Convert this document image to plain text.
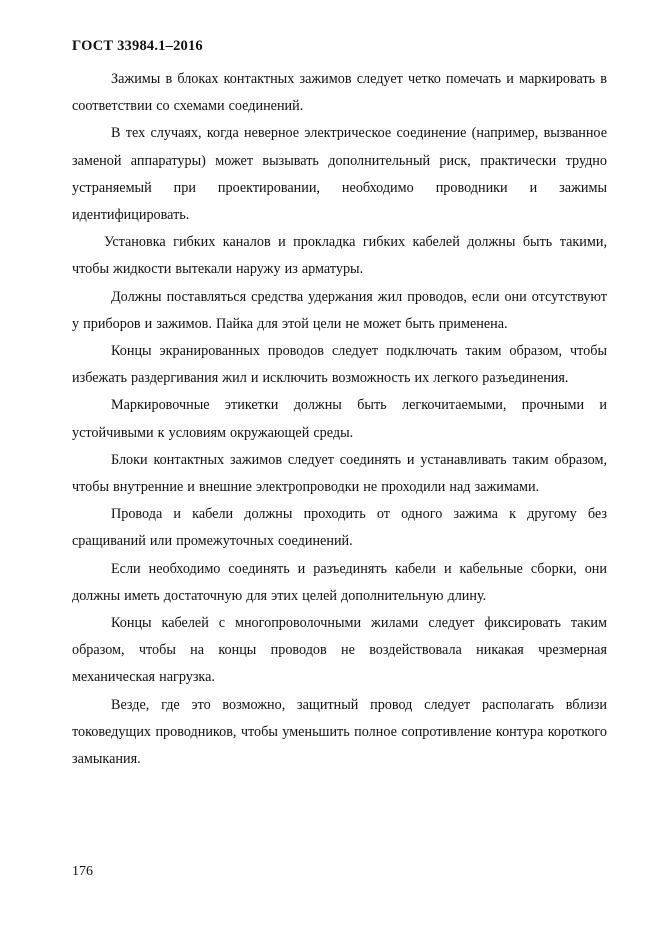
ГОСТ 33984.1–2016

Зажимы в блоках контактных зажимов следует четко помечать и маркировать в соответствии со схемами соединений.

В тех случаях, когда неверное электрическое соединение (например, вызванное заменой аппаратуры) может вызывать дополнительный риск, практически трудно устраняемый при проектировании, необходимо проводники и зажимы идентифицировать.

Установка гибких каналов и прокладка гибких кабелей должны быть такими, чтобы жидкости вытекали наружу из арматуры.

Должны поставляться средства удержания жил проводов, если они отсутствуют у приборов и зажимов. Пайка для этой цели не может быть применена.

Концы экранированных проводов следует подключать таким образом, чтобы избежать раздергивания жил и исключить возможность их легкого разъединения.

Маркировочные этикетки должны быть легкочитаемыми, прочными и устойчивыми к условиям окружающей среды.

Блоки контактных зажимов следует соединять и устанавливать таким образом, чтобы внутренние и внешние электропроводки не проходили над зажимами.

Провода и кабели должны проходить от одного зажима к другому без сращиваний или промежуточных соединений.

Если необходимо соединять и разъединять кабели и кабельные сборки, они должны иметь достаточную для этих целей дополнительную длину.

Концы кабелей с многопроволочными жилами следует фиксировать таким образом, чтобы на концы проводов не воздействовала никакая чрезмерная механическая нагрузка.

Везде, где это возможно, защитный провод следует располагать вблизи токоведущих проводников, чтобы уменьшить полное сопротивление контура короткого замыкания.

176
